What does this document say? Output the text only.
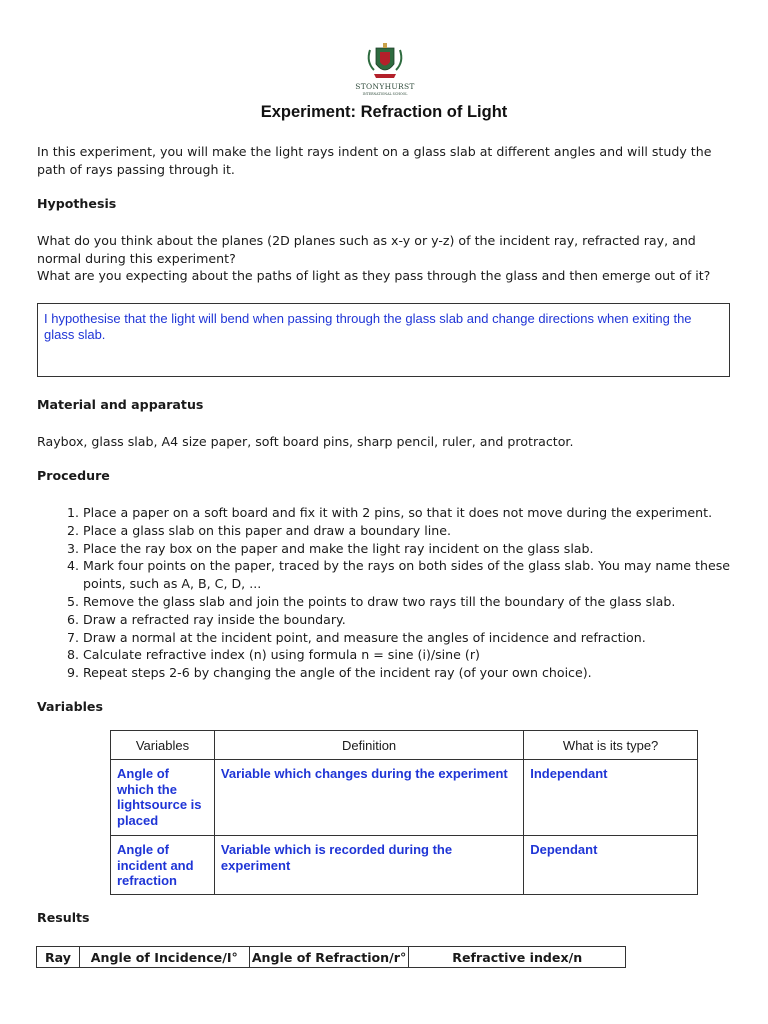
STONYHURST
INTERNATIONAL SCHOOL
Experiment: Refraction of Light
In this experiment, you will make the light rays indent on a glass slab at different angles and will study the path of rays passing through it.
Hypothesis
What do you think about the planes (2D planes such as x-y or y-z) of the incident ray, refracted ray, and normal during this experiment?
What are you expecting about the paths of light as they pass through the glass and then emerge out of it?
I hypothesise that the light will bend when passing through the glass slab and change directions when exiting the glass slab.
Material and apparatus
Raybox, glass slab, A4 size paper, soft board pins, sharp pencil, ruler, and protractor.
Procedure
1. Place a paper on a soft board and fix it with 2 pins, so that it does not move during the experiment.
2. Place a glass slab on this paper and draw a boundary line.
3. Place the ray box on the paper and make the light ray incident on the glass slab.
4. Mark four points on the paper, traced by the rays on both sides of the glass slab. You may name these points, such as A, B, C, D, ...
5. Remove the glass slab and join the points to draw two rays till the boundary of the glass slab.
6. Draw a refracted ray inside the boundary.
7. Draw a normal at the incident point, and measure the angles of incidence and refraction.
8. Calculate refractive index (n) using formula n = sine (i)/sine (r)
9. Repeat steps 2-6 by changing the angle of the incident ray (of your own choice).
Variables
Variables	Definition	What is its type?
Angle of which the lightsource is placed	Variable which changes during the experiment	Independant
Angle of incident and refraction	Variable which is recorded during the experiment	Dependant
Results
Ray	Angle of Incidence/I°	Angle of Refraction/r°	Refractive index/n
